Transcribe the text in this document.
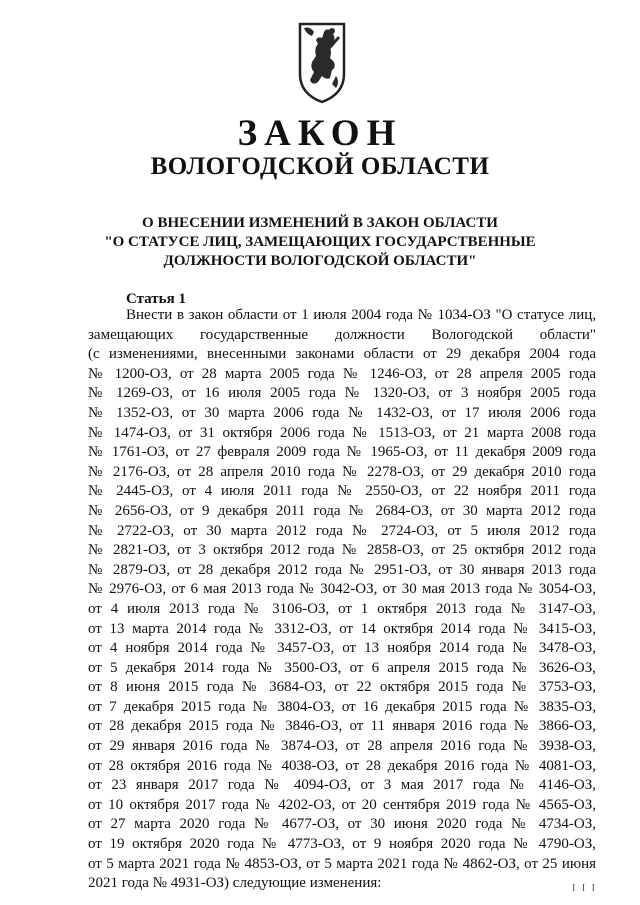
ЗАКОН
ВОЛОГОДСКОЙ ОБЛАСТИ
О ВНЕСЕНИИ ИЗМЕНЕНИЙ В ЗАКОН ОБЛАСТИ
"О СТАТУСЕ ЛИЦ, ЗАМЕЩАЮЩИХ ГОСУДАРСТВЕННЫЕ
ДОЛЖНОСТИ ВОЛОГОДСКОЙ ОБЛАСТИ"
Статья 1
Внести в закон области от 1 июля 2004 года № 1034-ОЗ "О статусе лиц,
замещающих государственные должности Вологодской области"
(с изменениями, внесенными законами области от 29 декабря 2004 года
№ 1200-ОЗ, от 28 марта 2005 года № 1246-ОЗ, от 28 апреля 2005 года
№ 1269-ОЗ, от 16 июля 2005 года № 1320-ОЗ, от 3 ноября 2005 года
№ 1352-ОЗ, от 30 марта 2006 года № 1432-ОЗ, от 17 июля 2006 года
№ 1474-ОЗ, от 31 октября 2006 года № 1513-ОЗ, от 21 марта 2008 года
№ 1761-ОЗ, от 27 февраля 2009 года № 1965-ОЗ, от 11 декабря 2009 года
№ 2176-ОЗ, от 28 апреля 2010 года № 2278-ОЗ, от 29 декабря 2010 года
№ 2445-ОЗ, от 4 июля 2011 года № 2550-ОЗ, от 22 ноября 2011 года
№ 2656-ОЗ, от 9 декабря 2011 года № 2684-ОЗ, от 30 марта 2012 года
№ 2722-ОЗ, от 30 марта 2012 года № 2724-ОЗ, от 5 июля 2012 года
№ 2821-ОЗ, от 3 октября 2012 года № 2858-ОЗ, от 25 октября 2012 года
№ 2879-ОЗ, от 28 декабря 2012 года № 2951-ОЗ, от 30 января 2013 года
№ 2976-ОЗ, от 6 мая 2013 года № 3042-ОЗ, от 30 мая 2013 года № 3054-ОЗ,
от 4 июля 2013 года № 3106-ОЗ, от 1 октября 2013 года № 3147-ОЗ,
от 13 марта 2014 года № 3312-ОЗ, от 14 октября 2014 года № 3415-ОЗ,
от 4 ноября 2014 года № 3457-ОЗ, от 13 ноября 2014 года № 3478-ОЗ,
от 5 декабря 2014 года № 3500-ОЗ, от 6 апреля 2015 года № 3626-ОЗ,
от 8 июня 2015 года № 3684-ОЗ, от 22 октября 2015 года № 3753-ОЗ,
от 7 декабря 2015 года № 3804-ОЗ, от 16 декабря 2015 года № 3835-ОЗ,
от 28 декабря 2015 года № 3846-ОЗ, от 11 января 2016 года № 3866-ОЗ,
от 29 января 2016 года № 3874-ОЗ, от 28 апреля 2016 года № 3938-ОЗ,
от 28 октября 2016 года № 4038-ОЗ, от 28 декабря 2016 года № 4081-ОЗ,
от 23 января 2017 года № 4094-ОЗ, от 3 мая 2017 года № 4146-ОЗ,
от 10 октября 2017 года № 4202-ОЗ, от 20 сентября 2019 года № 4565-ОЗ,
от 27 марта 2020 года № 4677-ОЗ, от 30 июня 2020 года № 4734-ОЗ,
от 19 октября 2020 года № 4773-ОЗ, от 9 ноября 2020 года № 4790-ОЗ,
от 5 марта 2021 года № 4853-ОЗ, от 5 марта 2021 года № 4862-ОЗ, от 25 июня
2021 года № 4931-ОЗ) следующие изменения:	I I I
